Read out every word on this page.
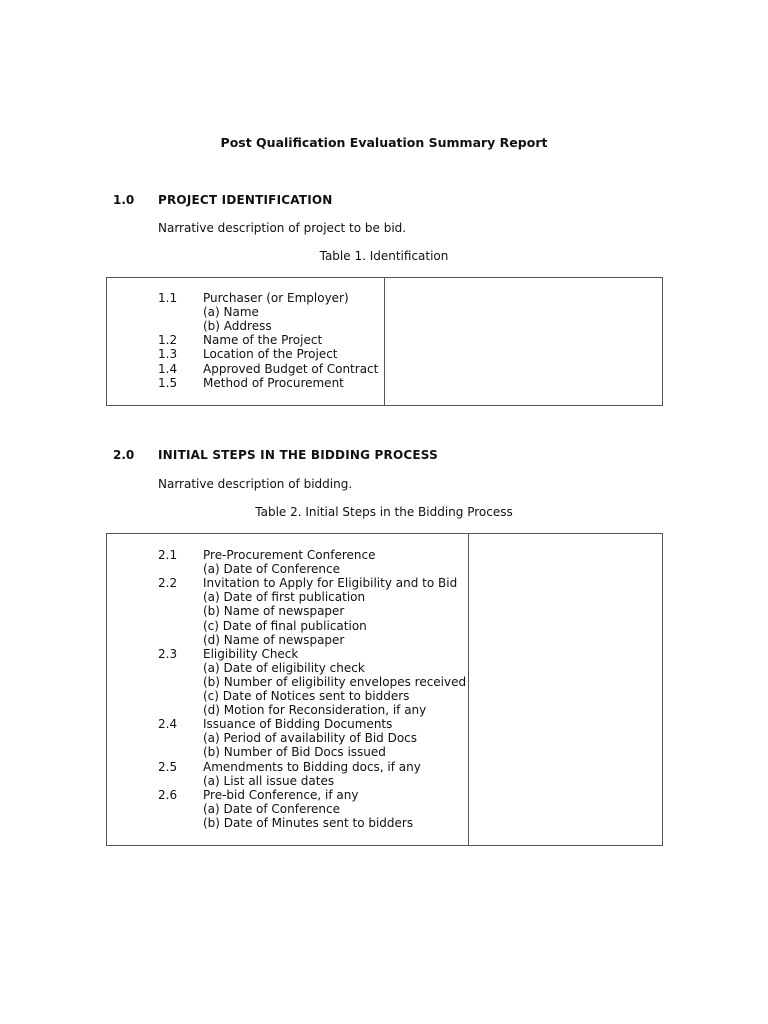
Post Qualification Evaluation Summary Report
1.0 PROJECT IDENTIFICATION
Narrative description of project to be bid.
Table 1. Identification
1.1 Purchaser (or Employer)
(a) Name
(b) Address
1.2 Name of the Project
1.3 Location of the Project
1.4 Approved Budget of Contract
1.5 Method of Procurement
2.0 INITIAL STEPS IN THE BIDDING PROCESS
Narrative description of bidding.
Table 2. Initial Steps in the Bidding Process
2.1 Pre-Procurement Conference
(a) Date of Conference
2.2 Invitation to Apply for Eligibility and to Bid
(a) Date of first publication
(b) Name of newspaper
(c) Date of final publication
(d) Name of newspaper
2.3 Eligibility Check
(a) Date of eligibility check
(b) Number of eligibility envelopes received
(c) Date of Notices sent to bidders
(d) Motion for Reconsideration, if any
2.4 Issuance of Bidding Documents
(a) Period of availability of Bid Docs
(b) Number of Bid Docs issued
2.5 Amendments to Bidding docs, if any
(a) List all issue dates
2.6 Pre-bid Conference, if any
(a) Date of Conference
(b) Date of Minutes sent to bidders
